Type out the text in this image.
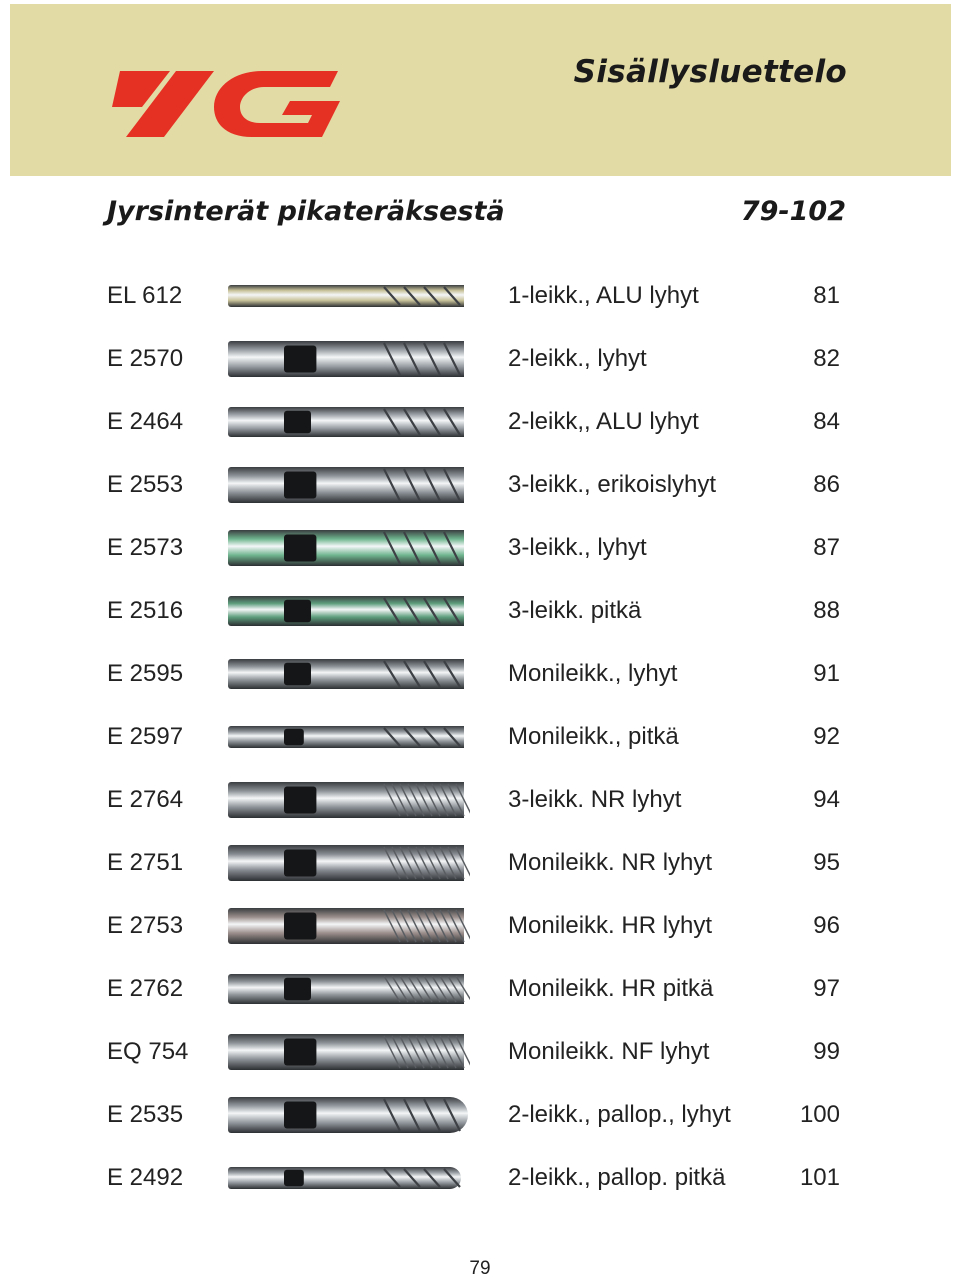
Sisällysluettelo
Jyrsinterät pikateräksestä	79-102
EL 612	1-leikk., ALU lyhyt	81
E 2570	2-leikk., lyhyt	82
E 2464	2-leikk,, ALU lyhyt	84
E 2553	3-leikk., erikoislyhyt	86
E 2573	3-leikk., lyhyt	87
E 2516	3-leikk. pitkä	88
E 2595	Monileikk., lyhyt	91
E 2597	Monileikk., pitkä	92
E 2764	3-leikk. NR lyhyt	94
E 2751	Monileikk. NR lyhyt	95
E 2753	Monileikk. HR lyhyt	96
E 2762	Monileikk. HR pitkä	97
EQ 754	Monileikk. NF lyhyt	99
E 2535	2-leikk., pallop., lyhyt	100
E 2492	2-leikk., pallop. pitkä	101
79
